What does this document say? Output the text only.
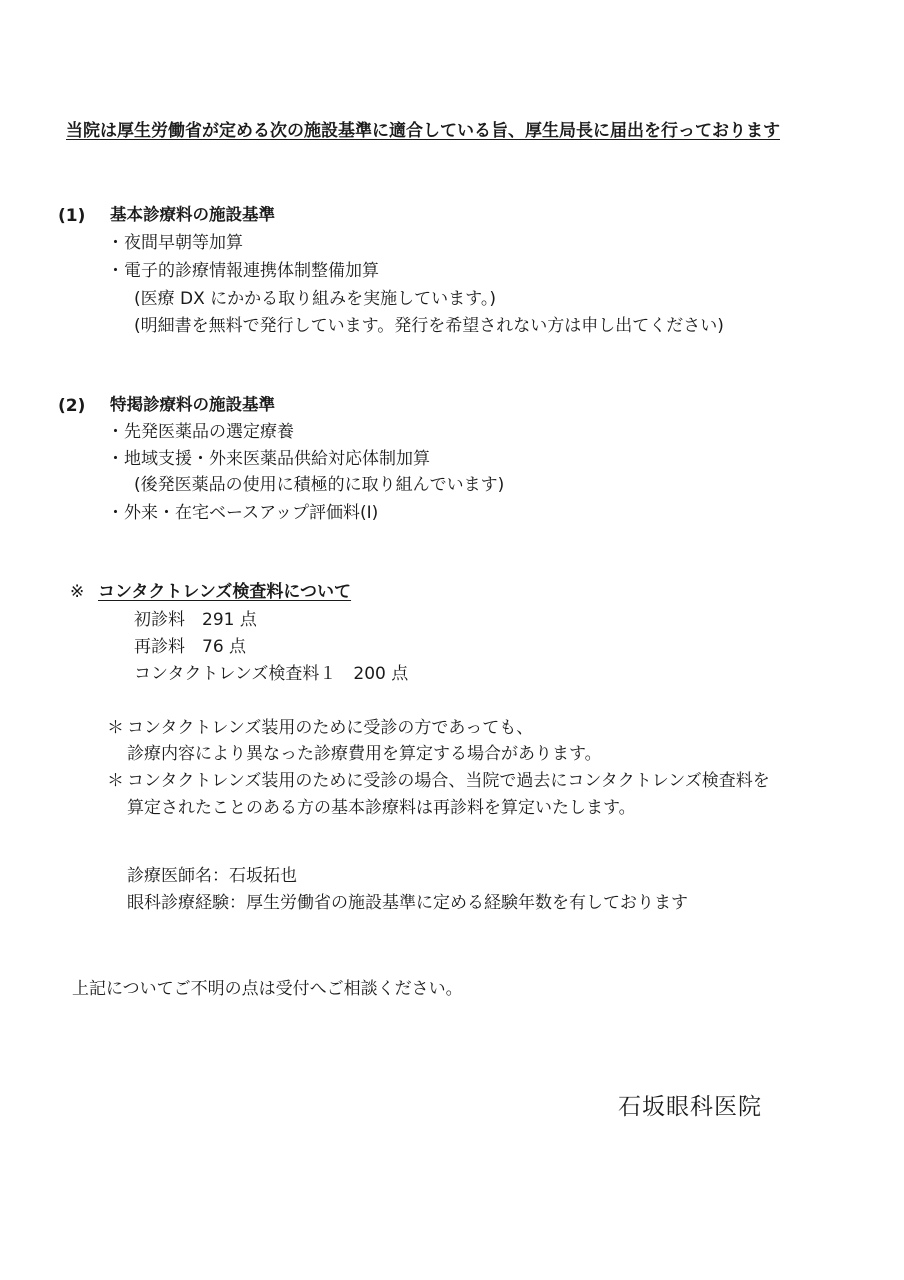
当院は厚生労働省が定める次の施設基準に適合している旨、厚生局長に届出を行っております
(1) 基本診療料の施設基準
・夜間早朝等加算
・電子的診療情報連携体制整備加算
(医療 DX にかかる取り組みを実施しています。)
(明細書を無料で発行しています。発行を希望されない方は申し出てください)
(2) 特掲診療料の施設基準
・先発医薬品の選定療養
・地域支援・外来医薬品供給対応体制加算
(後発医薬品の使用に積極的に取り組んでいます)
・外来・在宅ベースアップ評価料(Ⅰ)
※ コンタクトレンズ検査料について
初診料　291 点
再診料　76 点
コンタクトレンズ検査料１　200 点
＊ コンタクトレンズ装用のために受診の方であっても、
診療内容により異なった診療費用を算定する場合があります。
＊ コンタクトレンズ装用のために受診の場合、当院で過去にコンタクトレンズ検査料を
算定されたことのある方の基本診療料は再診料を算定いたします。
診療医師名：石坂拓也
眼科診療経験：厚生労働省の施設基準に定める経験年数を有しております
上記についてご不明の点は受付へご相談ください。
石坂眼科医院
